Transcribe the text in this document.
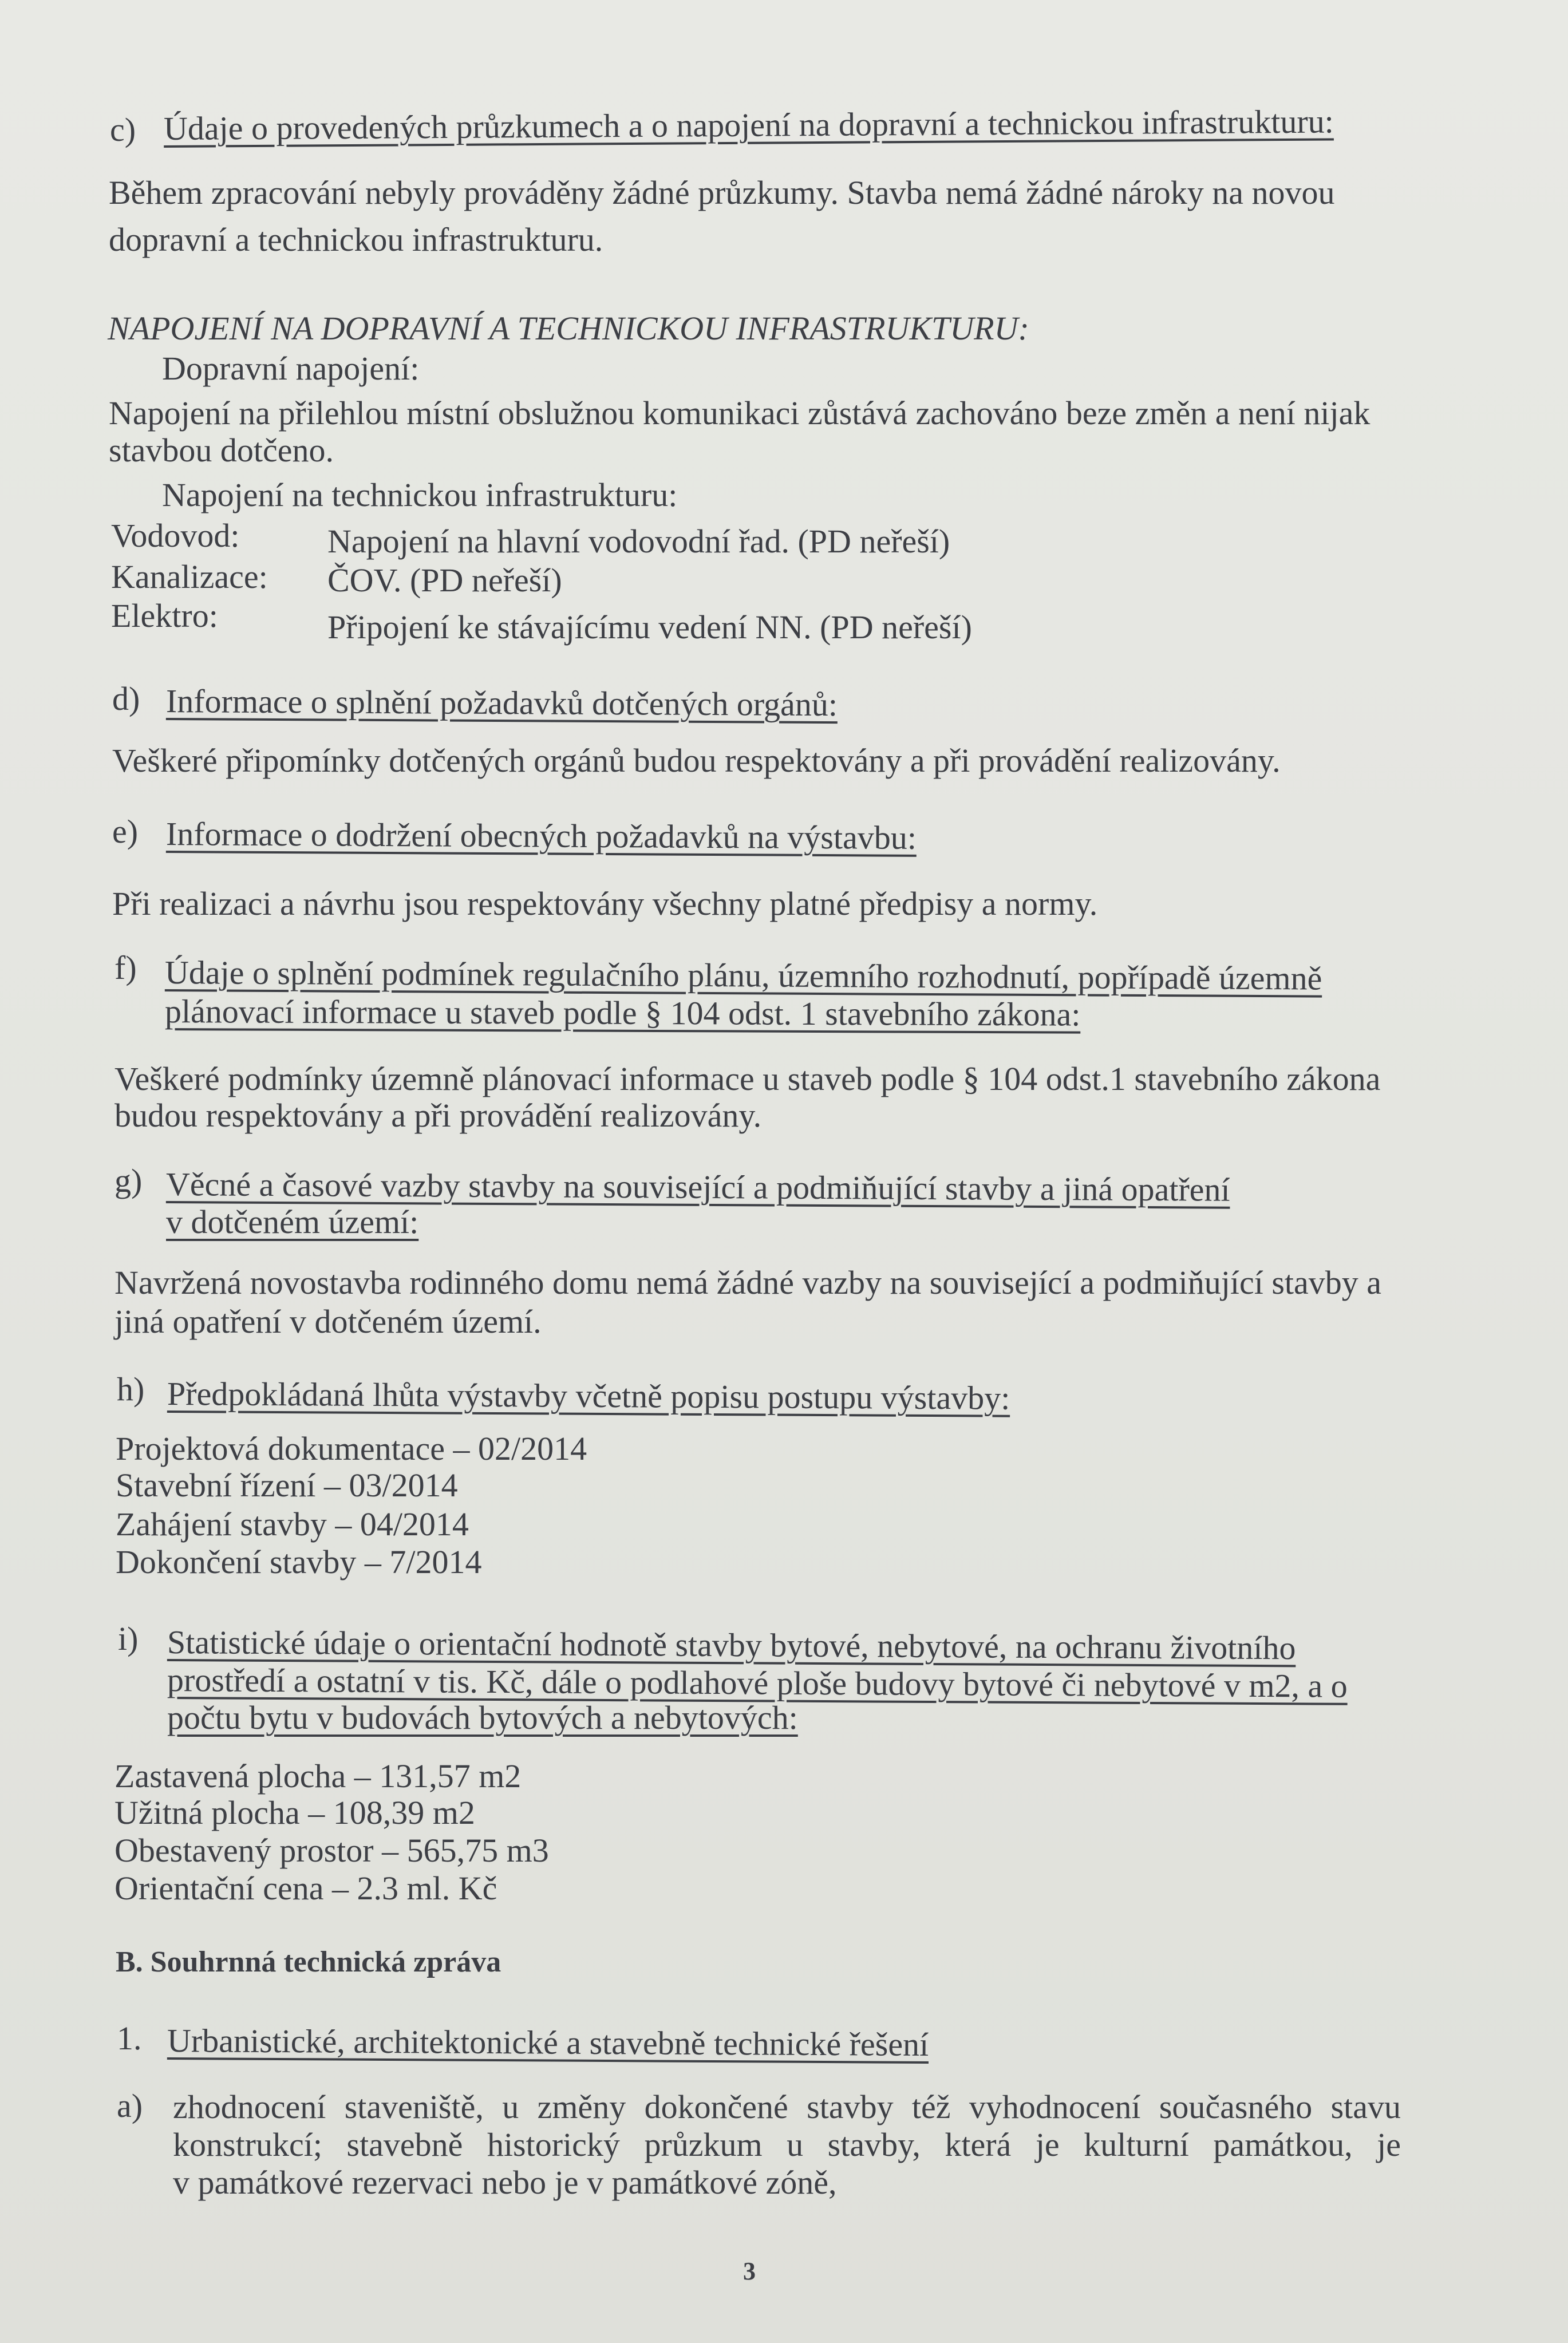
c) Údaje o provedených průzkumech a o napojení na dopravní a technickou infrastrukturu:
Během zpracování nebyly prováděny žádné průzkumy. Stavba nemá žádné nároky na novou
dopravní a technickou infrastrukturu.
NAPOJENÍ NA DOPRAVNÍ A TECHNICKOU INFRASTRUKTURU:
Dopravní napojení:
Napojení na přilehlou místní obslužnou komunikaci zůstává zachováno beze změn a není nijak
stavbou dotčeno.
Napojení na technickou infrastrukturu:
Vodovod:	Napojení na hlavní vodovodní řad. (PD neřeší)
Kanalizace: ČOV. (PD neřeší)
Elektro:	Připojení ke stávajícímu vedení NN. (PD neřeší)
d) Informace o splnění požadavků dotčených orgánů:
Veškeré připomínky dotčených orgánů budou respektovány a při provádění realizovány.
e) Informace o dodržení obecných požadavků na výstavbu:
Při realizaci a návrhu jsou respektovány všechny platné předpisy a normy.
f) Údaje o splnění podmínek regulačního plánu, územního rozhodnutí, popřípadě územně
plánovací informace u staveb podle § 104 odst. 1 stavebního zákona:
Veškeré podmínky územně plánovací informace u staveb podle § 104 odst.1 stavebního zákona
budou respektovány a při provádění realizovány.
g) Věcné a časové vazby stavby na související a podmiňující stavby a jiná opatření
v dotčeném území:
Navržená novostavba rodinného domu nemá žádné vazby na související a podmiňující stavby a
jiná opatření v dotčeném území.
h) Předpokládaná lhůta výstavby včetně popisu postupu výstavby:
Projektová dokumentace – 02/2014
Stavební řízení – 03/2014
Zahájení stavby – 04/2014
Dokončení stavby – 7/2014
i) Statistické údaje o orientační hodnotě stavby bytové, nebytové, na ochranu životního
prostředí a ostatní v tis. Kč, dále o podlahové ploše budovy bytové či nebytové v m2, a o
počtu bytu v budovách bytových a nebytových:
Zastavená plocha – 131,57 m2
Užitná plocha – 108,39 m2
Obestavený prostor – 565,75 m3
Orientační cena – 2.3 ml. Kč
B. Souhrnná technická zpráva
1. Urbanistické, architektonické a stavebně technické řešení
a) zhodnocení staveniště, u změny dokončené stavby též vyhodnocení současného stavu
konstrukcí; stavebně historický průzkum u stavby, která je kulturní památkou, je
v památkové rezervaci nebo je v památkové zóně,
3
